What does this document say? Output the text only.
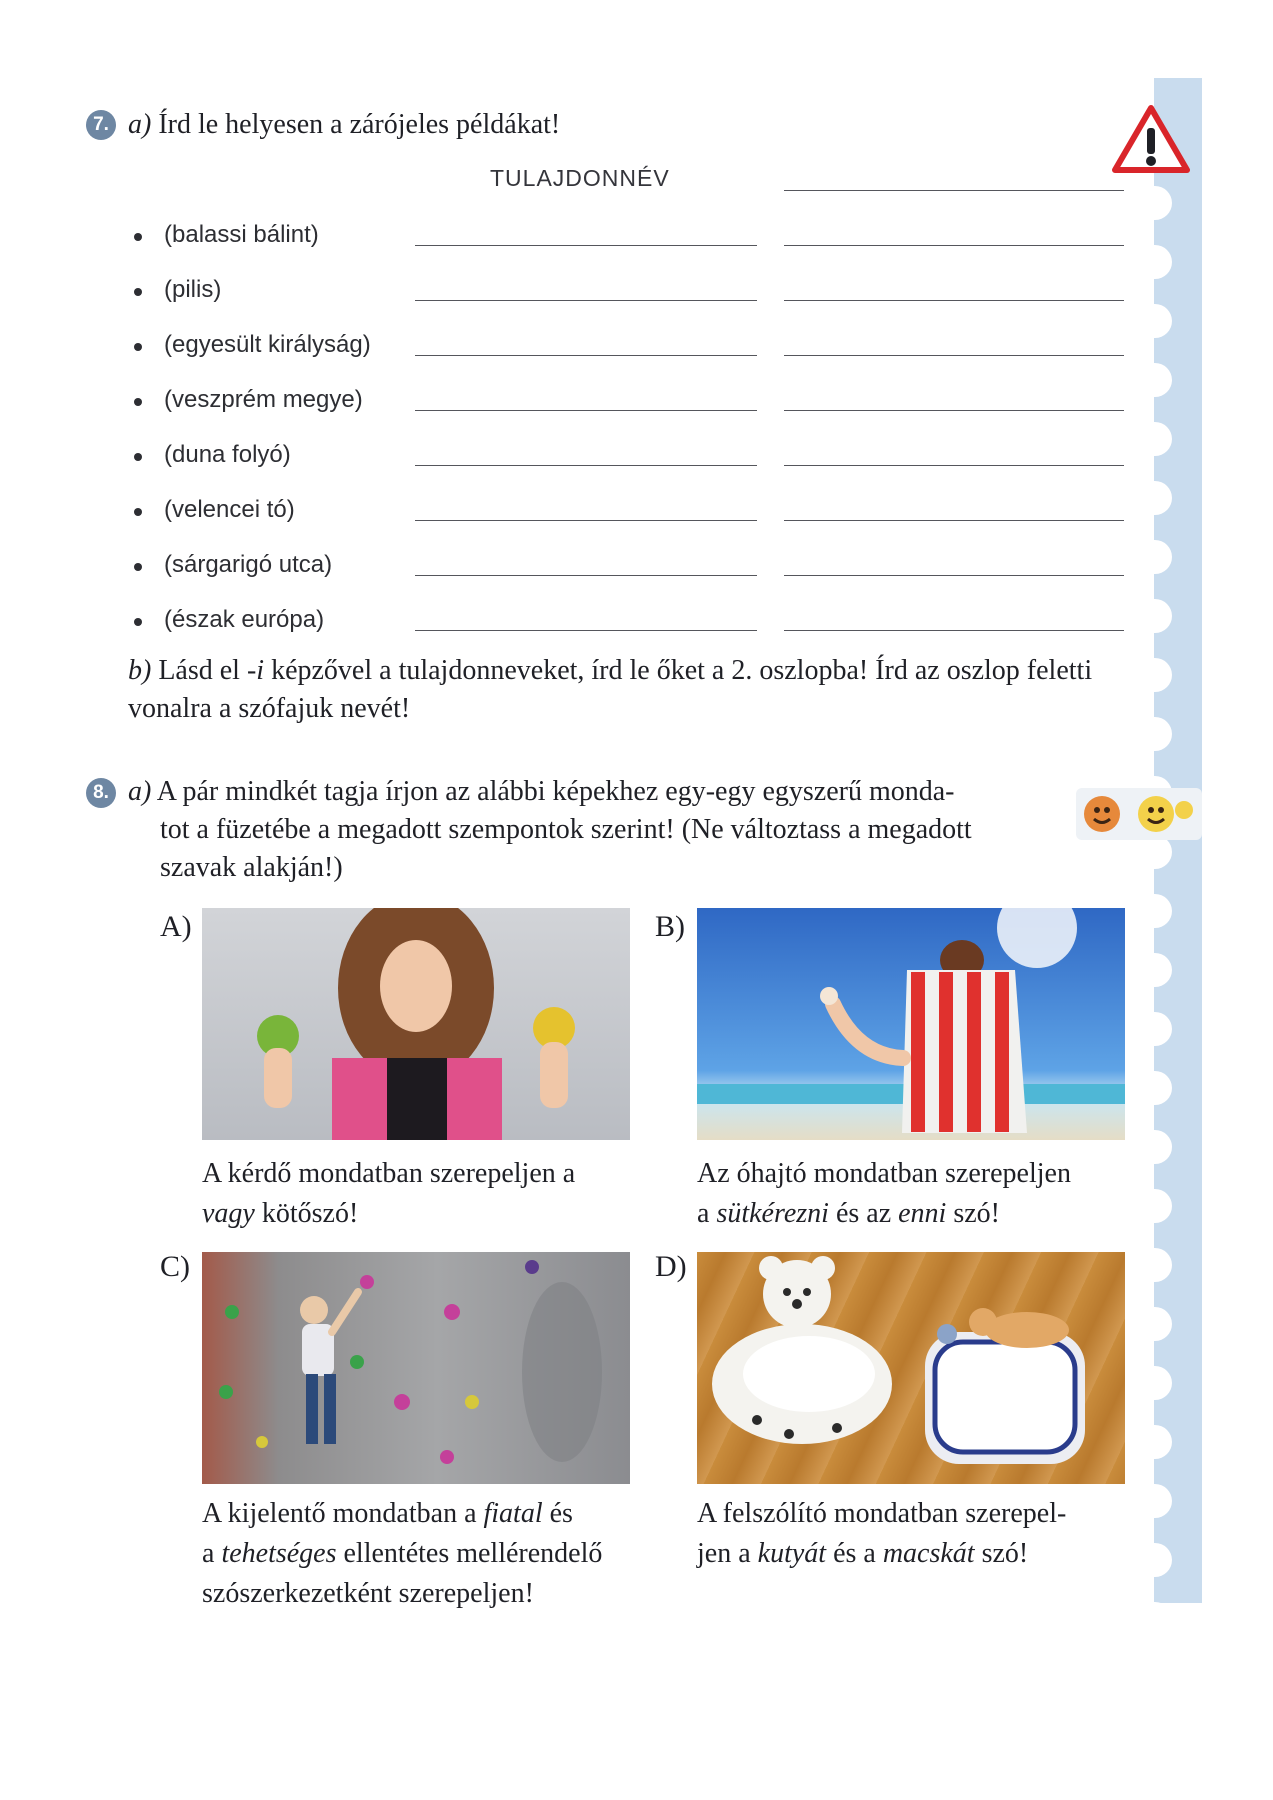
7. a) Írd le helyesen a zárójeles példákat!
TULAJDONNÉV
(balassi bálint)
(pilis)
(egyesült királyság)
(veszprém megye)
(duna folyó)
(velencei tó)
(sárgarigó utca)
(észak európa)
b) Lásd el -i képzővel a tulajdonneveket, írd le őket a 2. oszlopba! Írd az oszlop feletti vonalra a szófajuk nevét!
8. a) A pár mindkét tagja írjon az alábbi képekhez egy-egy egyszerű monda-
tot a füzetébe a megadott szempontok szerint! (Ne változtass a megadott
szavak alakján!)
A)
A kérdő mondatban szerepeljen a
vagy kötőszó!
B)
Az óhajtó mondatban szerepeljen
a sütkérezni és az enni szó!
C)
A kijelentő mondatban a fiatal és
a tehetséges ellentétes mellérendelő
szószerkezetként szerepeljen!
D)
A felszólító mondatban szerepel-
jen a kutyát és a macskát szó!
